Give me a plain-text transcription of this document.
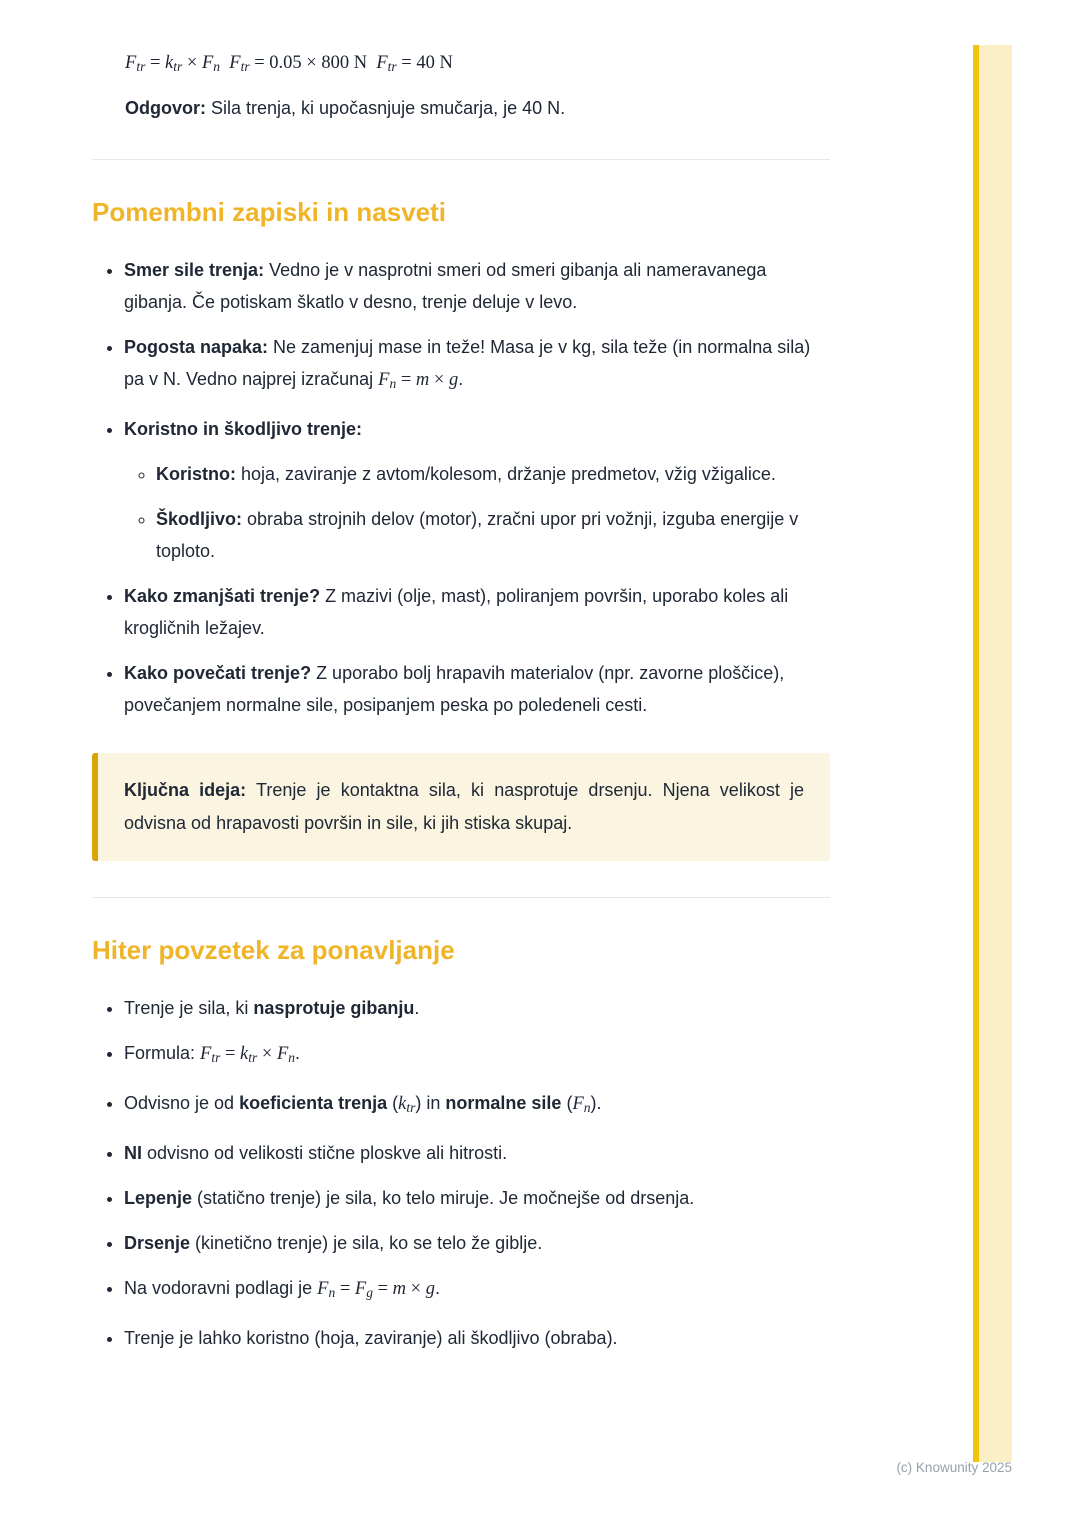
Ftr = ktr × Fn Ftr = 0.05 × 800 N Ftr = 40 N

Odgovor: Sila trenja, ki upočasnjuje smučarja, je 40 N.

Pomembni zapiski in nasveti
• Smer sile trenja: Vedno je v nasprotni smeri od smeri gibanja ali nameravanega gibanja. Če potiskam škatlo v desno, trenje deluje v levo.
• Pogosta napaka: Ne zamenjuj mase in teže! Masa je v kg, sila teže (in normalna sila) pa v N. Vedno najprej izračunaj Fn = m × g.
• Koristno in škodljivo trenje:
◦ Koristno: hoja, zaviranje z avtom/kolesom, držanje predmetov, vžig vžigalice.
◦ Škodljivo: obraba strojnih delov (motor), zračni upor pri vožnji, izguba energije v toploto.
• Kako zmanjšati trenje? Z mazivi (olje, mast), poliranjem površin, uporabo koles ali krogličnih ležajev.
• Kako povečati trenje? Z uporabo bolj hrapavih materialov (npr. zavorne ploščice), povečanjem normalne sile, posipanjem peska po poledeneli cesti.

Ključna ideja: Trenje je kontaktna sila, ki nasprotuje drsenju. Njena velikost je odvisna od hrapavosti površin in sile, ki jih stiska skupaj.

Hiter povzetek za ponavljanje
• Trenje je sila, ki nasprotuje gibanju.
• Formula: Ftr = ktr × Fn.
• Odvisno je od koeficienta trenja (ktr) in normalne sile (Fn).
• NI odvisno od velikosti stične ploskve ali hitrosti.
• Lepenje (statično trenje) je sila, ko telo miruje. Je močnejše od drsenja.
• Drsenje (kinetično trenje) je sila, ko se telo že giblje.
• Na vodoravni podlagi je Fn = Fg = m × g.
• Trenje je lahko koristno (hoja, zaviranje) ali škodljivo (obraba).
(c) Knowunity 2025
